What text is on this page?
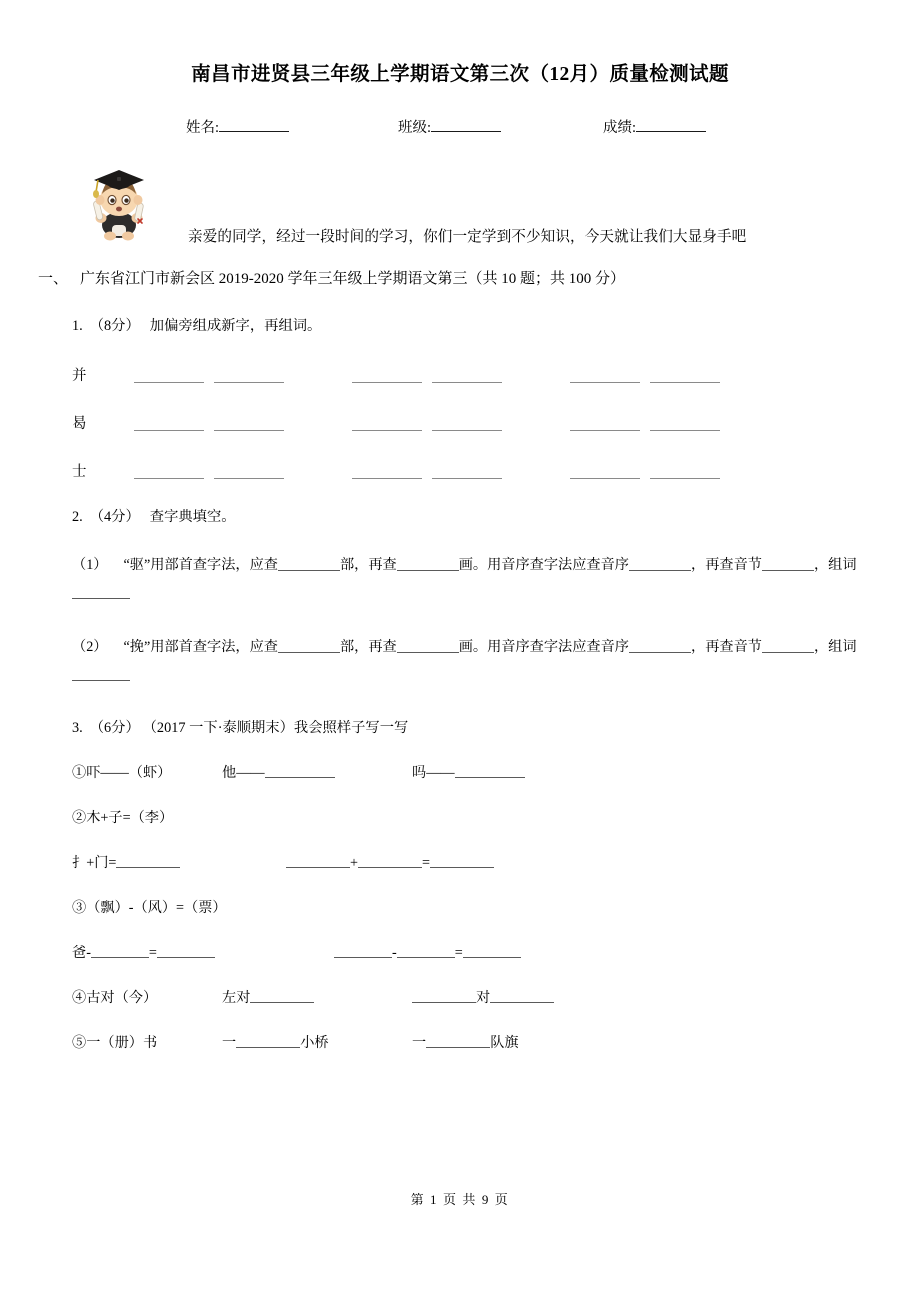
南昌市进贤县三年级上学期语文第三次（12月）质量检测试题
姓名:	班级:	成绩:
亲爱的同学，经过一段时间的学习，你们一定学到不少知识，今天就让我们大显身手吧
一、 广东省江门市新会区 2019-2020 学年三年级上学期语文第三（共 10 题；共 100 分）
1. （8分） 加偏旁组成新字，再组词。
并
曷
士
2. （4分） 查字典填空。
（1） “驱”用部首查字法，应查	部，再查	画。用音序查字法应查音序	，再查音节	，组词
（2） “挽”用部首查字法，应查	部，再查	画。用音序查字法应查音序	，再查音节	，组词
3. （6分） （2017 一下·泰顺期末）我会照样子写一写
①吓——（虾）	他——	吗——
②木+子=（李）
扌+门=	+	=
③（飘）-（风）=（票）
爸-	=	-	=
④古对（今）	左对	对
⑤一（册）书	一	小桥	一	队旗
第 1 页 共 9 页
